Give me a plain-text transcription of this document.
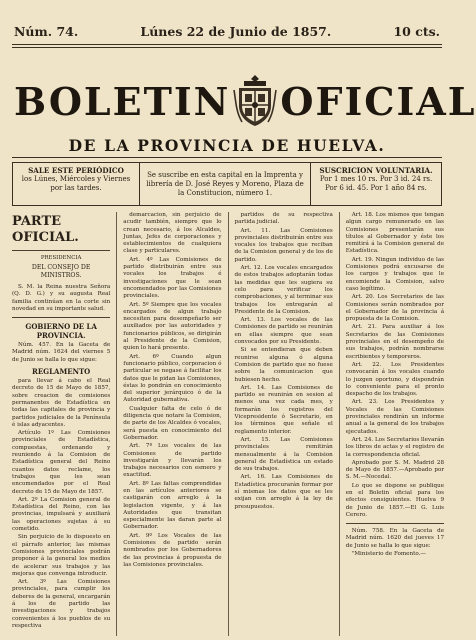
Núm. 74.	Lúnes 22 de Junio de 1857.	10 cts.
BOLETIN OFICIAL
DE LA PROVINCIA DE HUELVA.
SALE ESTE PERIÓDICO
los Lúnes, Miércoles y Viernes por las tardes.
Se suscribe en esta capital en la Imprenta y librería de D. José Reyes y Moreno, Plaza de la Constitucion, número 1.
SUSCRICION VOLUNTARIA.
Por 1 mes 10 rs. Por 3 id. 24 rs. Por 6 id. 45. Por 1 año 84 rs.
PARTE OFICIAL.
PRESIDENCIA
DEL CONSEJO DE MINISTROS.

S. M. la Reina nuestra Señora (Q. D. G.) y su augusta Real familia continúan en la corte sin novedad en su importante salud.

GOBIERNO DE LA PROVINCIA.

Núm. 457. En la Gaceta de Madrid núm. 1624 del viernes 5 de Junio se halla lo que sigue:

REGLAMENTO

para llevar á cabo el Real decreto de 15 de Mayo de 1857, sobre creacion de comisiones permanentes de Estadística en todas las capitales de provincia y partidos judiciales de la Península é islas adyacentes.

Artículo 1º Las Comisiones provinciales de Estadística, compuestas, ordenando y reuniendo á la Comision de Estadística general del Reino cuantos datos reclame, los trabajos que les sean encomendados por el Real decreto de 15 de Mayo de 1857.

Art. 2º La Comision general de Estadística del Reino, con las provincias, impulsará y auxiliará las operaciones sujetas á su cometido.

Sin perjuicio de lo dispuesto en el párrafo anterior, las mismas Comisiones provinciales podrán proponer á la general los medios de acelerar sus trabajos y las mejoras que convenga introducir.

Art. 3º Las Comisiones provinciales, para cumplir los deberes de la general, encargarán á los de partido las investigaciones y trabajos convenientes á los pueblos de su respectiva

demarcacion, sin perjuicio de acudir también, siempre que lo crean necesario, á los Alcaldes, Juntas, Jefes de corporaciones y establecimientos de cualquiera clase y particulares.

Art. 4º Las Comisiones de partido distribuirán entre sus vocales los trabajos é investigaciones que le sean encomendados por las Comisiones provinciales.

Art. 5º Siempre que los vocales encargados de algun trabajo necesiten para desempeñarlo ser auxiliados por las autoridades y funcionarios públicos, se dirigirán al Presidente de la Comision, quien lo hará presente.

Art. 6º Cuando algun funcionario público, corporacion ó particular se negase á facilitar los datos que le pidan las Comisiones, éstas lo pondrán en conocimiento del superior jerárquico ó de la Autoridad gubernativa.

Cualquier falta de celo ó de diligencia que notare la Comision, de parte de los Alcaldes ó vocales, será puesta en conocimiento del Gobernador.

Art. 7º Los vocales de las Comisiones de partido investigarán y llevarán los trabajos necesarios con esmero y exactitud.

Art. 8º Las faltas comprendidas en las artículos anteriores se castigarán con arreglo á la legislacion vigente, y á las Autoridades que transitan especialmente las daran parte al Gobernador.

Art. 9º Los Vocales de las Comisiones de partido serán nombrados por los Gobernadores de las provincias á propuesta de las Comisiones provinciales.

partidos de su respectiva partida judicial.

Art. 11. Las Comisiones provinciales distribuirán entre sus vocales los trabajos que reciban de la Comision general y de los de partido.

Art. 12. Los vocales encargados de estos trabajos adoptarán todas las medidas que les sugiera su celo para verificar los comprobaciones, y al terminar sus trabajos los entregarán al Presidente de la Comision.

Art. 13. Los vocales de las Comisiones de partido se reunirán en ellas siempre que sean convocados por su Presidente.

Si se entendieran que deben reunirse alguna ó alguna Comision de partido que no fuese sobre la comunicacion que hubiesen hecho.

Art. 14. Las Comisiones de partido se reunirán en sesion al menos una vez cada mes, y formarán los registros del Vicepresidente ó Secretario, en los términos que señale el reglamento interior.

Art. 15. Las Comisiones provinciales remitirán mensualmente á la Comision general de Estadística un estado de sus trabajos.

Art. 16. Las Comisiones de Estadística procurarán formar por sí mismas los datos que se les exijan con arreglo á la ley de presupuestos.

Art. 18. Los mismos que tengan algun cargo remunerado en las Comisiones presentarán sus títulos al Gobernador y éste los remitirá á la Comision general de Estadística.

Art. 19. Ningun individuo de las Comisiones podrá excusarse de los cargos y trabajos que le encomiende la Comision, salvo caso legítimo.

Art. 20. Los Secretarios de las Comisiones serán nombrados por el Gobernador de la provincia á propuesta de la Comision.

Art. 21. Para auxiliar á los Secretarios de las Comisiones provinciales en el desempeño de sus trabajos, podrán nombrarse escribientes y temporeros.

Art. 22. Los Presidentes convocarán á los vocales cuando lo juzgen oportuno, y dispondrán lo conveniente para el pronto despacho de los trabajos.

Art. 23. Los Presidentes y Vocales de las Comisiones provinciales rendirán un informe anual a la general de los trabajos ejecutados.

Art. 24. Los Secretarios llevarán los libros de actas y el registro de la correspondencia oficial.

Aprobado por S. M. Madrid 28 de Mayo de 1857.—Aprobado por S. M.—Nocedal.

Lo que se dispone se publique en el Boletin oficial para los efectos consiguientes. Huelva 9 de Junio de 1857.—El G. Luis Cerero.

Núm. 758. En la Gaceta de Madrid núm. 1620 del jueves 17 de Junio se halla lo que sigue:

"Ministerio de Fomento.—
